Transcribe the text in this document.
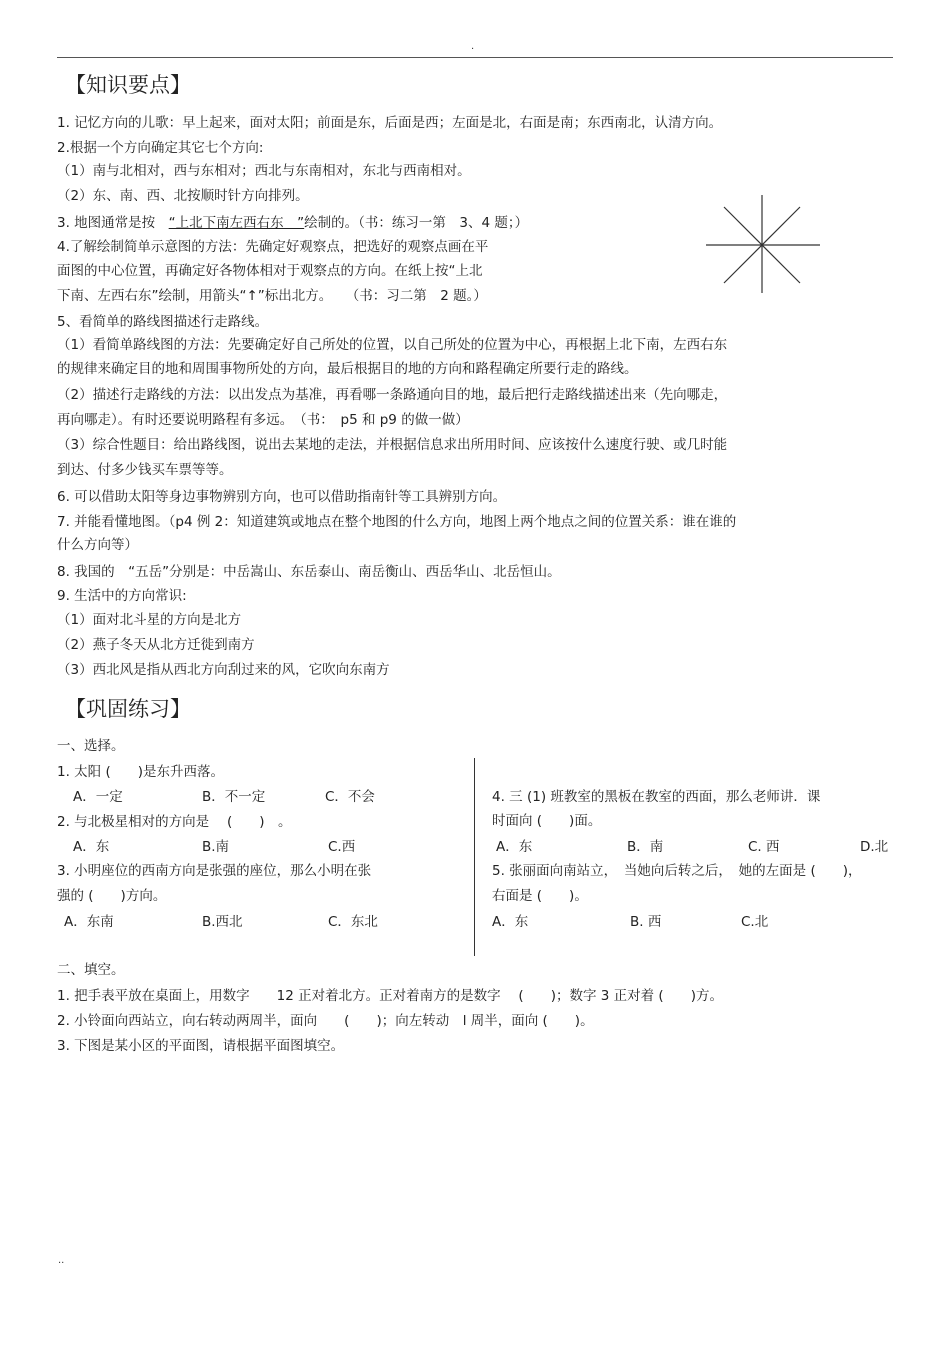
.
【知识要点】
1. 记忆方向的儿歌：早上起来，面对太阳；前面是东，后面是西；左面是北，右面是南；东西南北，认清方向。
2.根据一个方向确定其它七个方向:
（1）南与北相对，西与东相对；西北与东南相对，东北与西南相对。
（2）东、南、西、北按顺时针方向排列。
3. 地图通常是按　“上北下南左西右东　”绘制的。（书：练习一第　3、4 题；）
4.了解绘制简单示意图的方法：先确定好观察点，把选好的观察点画在平
面图的中心位置，再确定好各物体相对于观察点的方向。在纸上按“上北
下南、左西右东”绘制，用箭头“↑”标出北方。　　（书：习二第　2 题。）
5、看简单的路线图描述行走路线。
（1）看简单路线图的方法：先要确定好自己所处的位置，以自己所处的位置为中心，再根据上北下南，左西右东
的规律来确定目的地和周围事物所处的方向，最后根据目的地的方向和路程确定所要行走的路线。
（2）描述行走路线的方法：以出发点为基准，再看哪一条路通向目的地，最后把行走路线描述出来（先向哪走，
再向哪走）。有时还要说明路程有多远。　（书：　p5 和 p9 的做一做）
（3）综合性题目：给出路线图，说出去某地的走法，并根据信息求出所用时间、应该按什么速度行驶、或几时能
到达、付多少钱买车票等等。
6. 可以借助太阳等身边事物辨别方向，也可以借助指南针等工具辨别方向。
7. 并能看懂地图。（p4 例 2：知道建筑或地点在整个地图的什么方向，地图上两个地点之间的位置关系：谁在谁的
什么方向等）
8. 我国的　“五岳”分别是：中岳嵩山、东岳泰山、南岳衡山、西岳华山、北岳恒山。
9. 生活中的方向常识:
（1）面对北斗星的方向是北方
（2）燕子冬天从北方迁徙到南方
（3）西北风是指从西北方向刮过来的风，它吹向东南方
【巩固练习】
一、选择。
1. 太阳 (　　)是东升西落。
A．一定	B．不一定	C．不会
2. 与北极星相对的方向是　 (　　)　。
A．东	B.南	C.西
3. 小明座位的西南方向是张强的座位，那么小明在张
强的 (　　)方向。
A．东南	B.西北	C．东北
4. 三 (1) 班教室的黑板在教室的西面，那么老师讲．课
时面向 (　　)面。
A．东	B．南	C. 西	D.北
5. 张丽面向南站立，　当她向后转之后，　她的左面是 (　　)，
右面是 (　　)。
A．东	B. 西	C.北
二、填空。
1. 把手表平放在桌面上，用数字　　12 正对着北方。正对着南方的是数字　 (　　)；数字 3 正对着 (　　)方。
2. 小铃面向西站立，向右转动两周半，面向　　(　　)；向左转动　l 周半，面向 (　　)。
3. 下图是某小区的平面图，请根据平面图填空。
..
